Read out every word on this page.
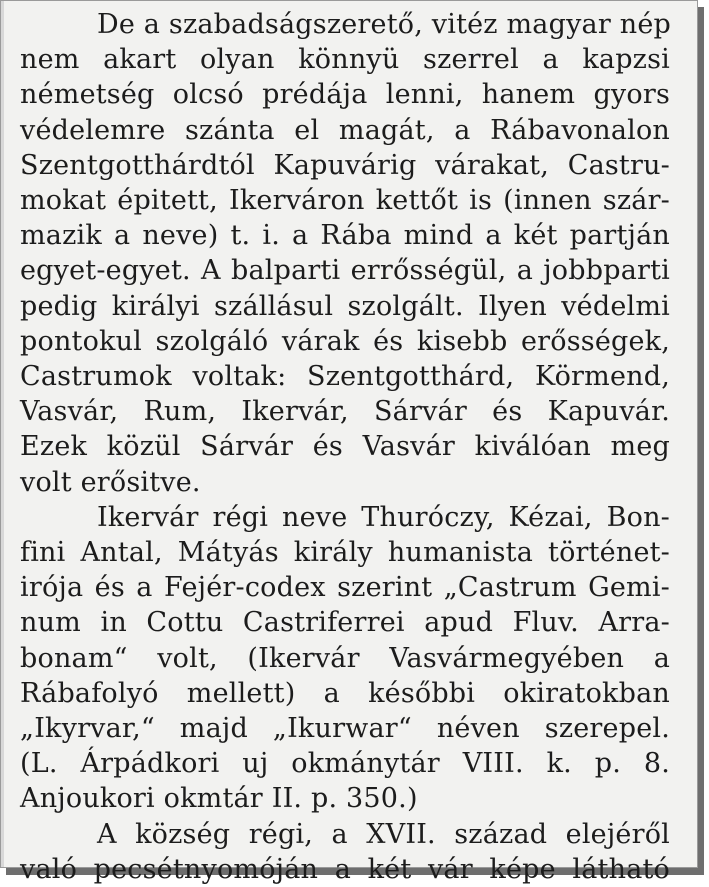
De a szabadságszerető, vitéz magyar nép
nem akart olyan könnyü szerrel a kapzsi
németség olcsó prédája lenni, hanem gyors
védelemre szánta el magát, a Rábavonalon
Szentgotthárdtól Kapuvárig várakat, Castru-
mokat épitett, Ikerváron kettőt is (innen szár-
mazik a neve) t. i. a Rába mind a két partján
egyet-egyet. A balparti errősségül, a jobbparti
pedig királyi szállásul szolgált. Ilyen védelmi
pontokul szolgáló várak és kisebb erősségek,
Castrumok voltak: Szentgotthárd, Körmend,
Vasvár, Rum, Ikervár, Sárvár és Kapuvár.
Ezek közül Sárvár és Vasvár kiválóan meg
volt erősitve.

Ikervár régi neve Thuróczy, Kézai, Bon-
fini Antal, Mátyás király humanista történet-
irója és a Fejér-codex szerint „Castrum Gemi-
num in Cottu Castriferrei apud Fluv. Arra-
bonam“ volt, (Ikervár Vasvármegyében a
Rábafolyó mellett) a későbbi okiratokban
„Ikyrvar,“ majd „Ikurwar“ néven szerepel.
(L. Árpádkori uj okmánytár VIII. k. p. 8.
Anjoukori okmtár II. p. 350.)

A község régi, a XVII. század elejéről
való pecsétnyomóján a két vár képe látható
